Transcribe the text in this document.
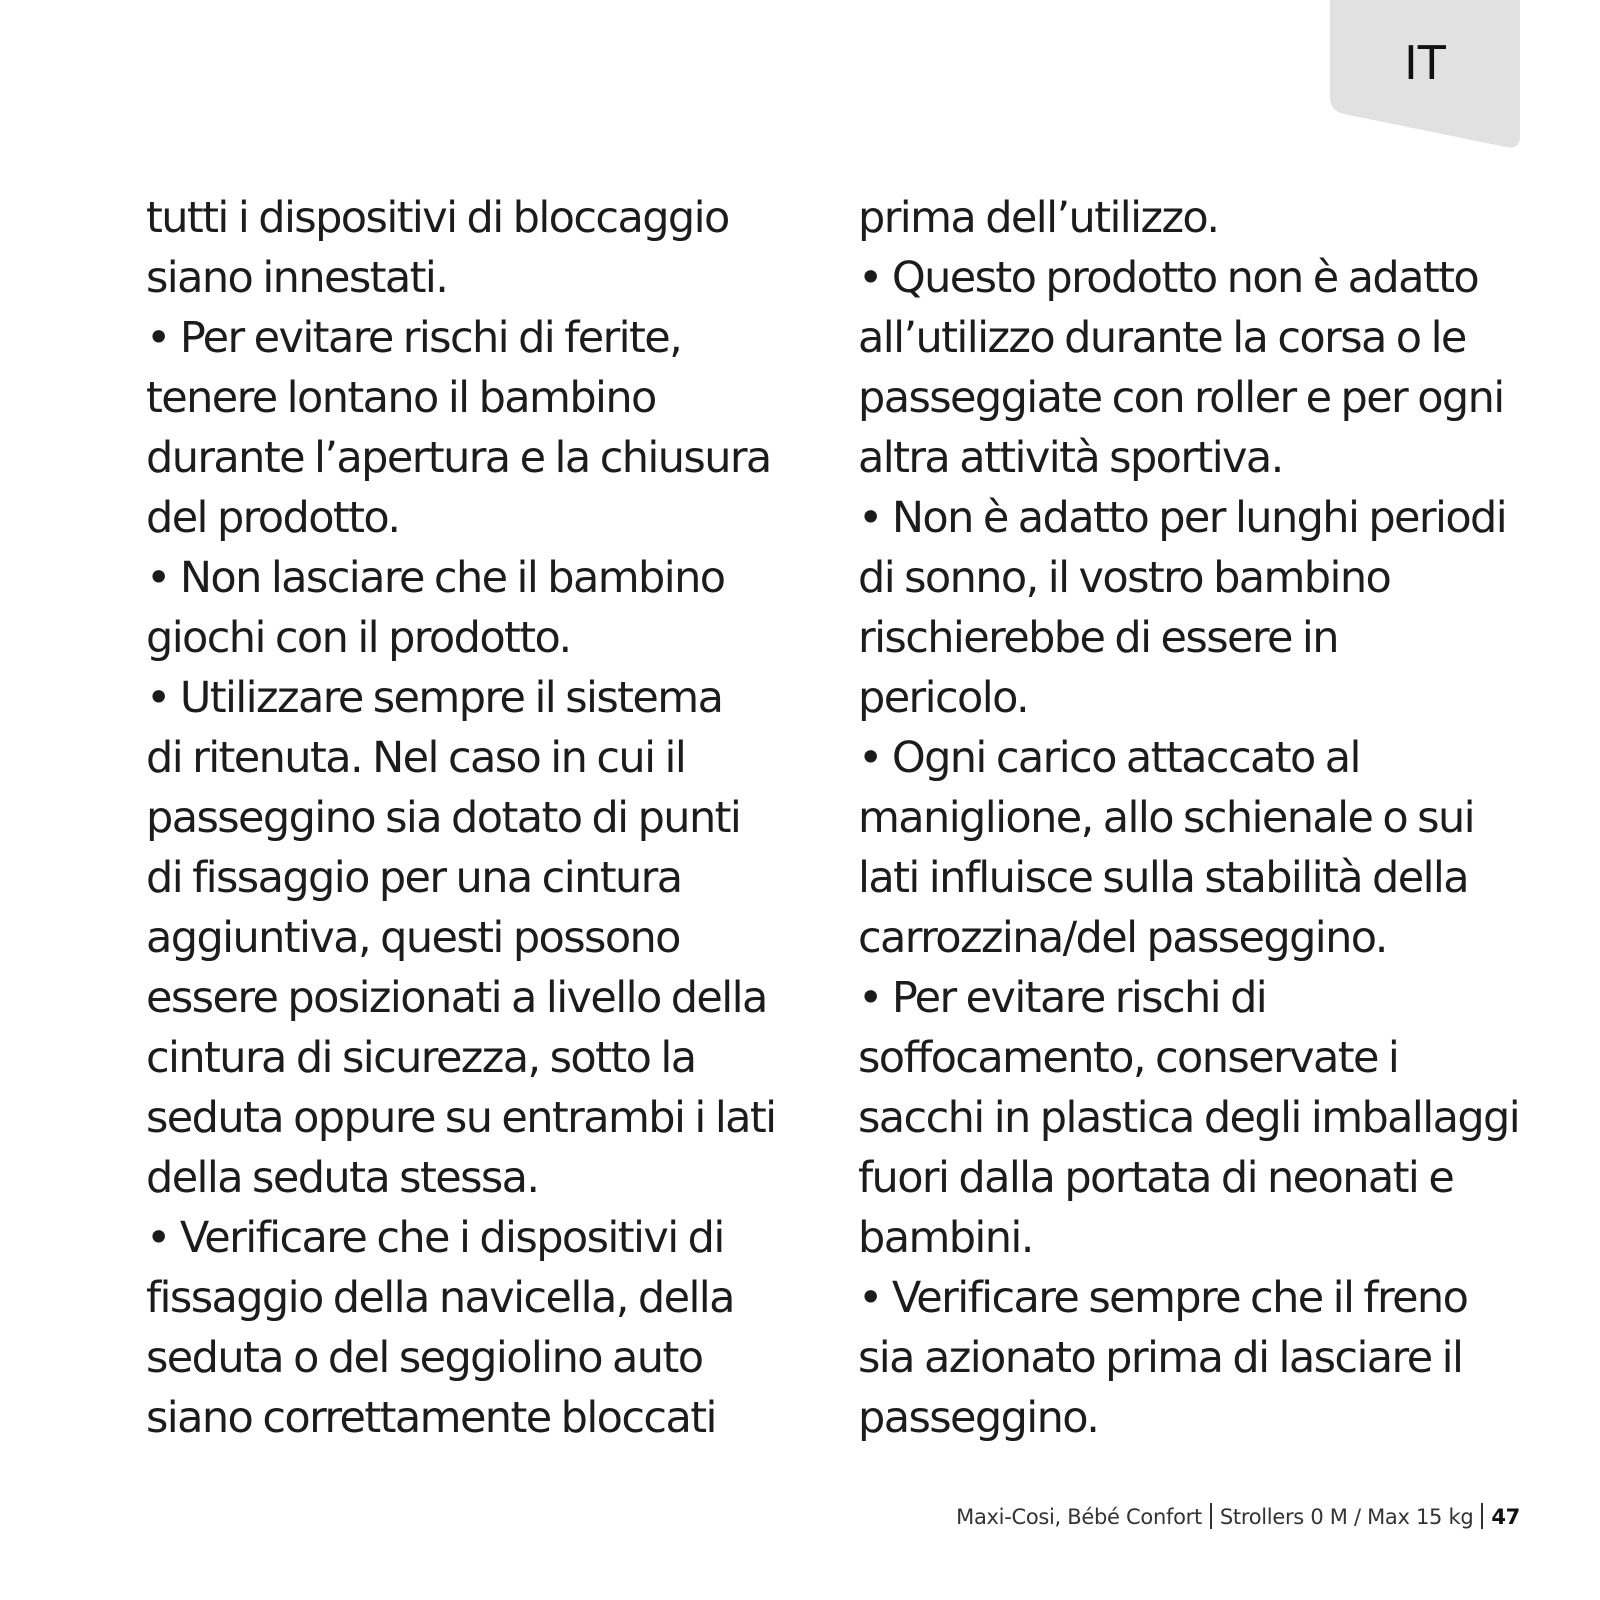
IT
tutti i dispositivi di bloccaggio
siano innestati.
• Per evitare rischi di ferite,
tenere lontano il bambino
durante l’apertura e la chiusura
del prodotto.
• Non lasciare che il bambino
giochi con il prodotto.
• Utilizzare sempre il sistema
di ritenuta. Nel caso in cui il
passeggino sia dotato di punti
di fissaggio per una cintura
aggiuntiva, questi possono
essere posizionati a livello della
cintura di sicurezza, sotto la
seduta oppure su entrambi i lati
della seduta stessa.
• Verificare che i dispositivi di
fissaggio della navicella, della
seduta o del seggiolino auto
siano correttamente bloccati
prima dell’utilizzo.
• Questo prodotto non è adatto
all’utilizzo durante la corsa o le
passeggiate con roller e per ogni
altra attività sportiva.
• Non è adatto per lunghi periodi
di sonno, il vostro bambino
rischierebbe di essere in
pericolo.
• Ogni carico attaccato al
maniglione, allo schienale o sui
lati influisce sulla stabilità della
carrozzina/del passeggino.
• Per evitare rischi di
soffocamento, conservate i
sacchi in plastica degli imballaggi
fuori dalla portata di neonati e
bambini.
• Verificare sempre che il freno
sia azionato prima di lasciare il
passeggino.
Maxi-Cosi, Bébé Confort Strollers 0 M / Max 15 kg 47
